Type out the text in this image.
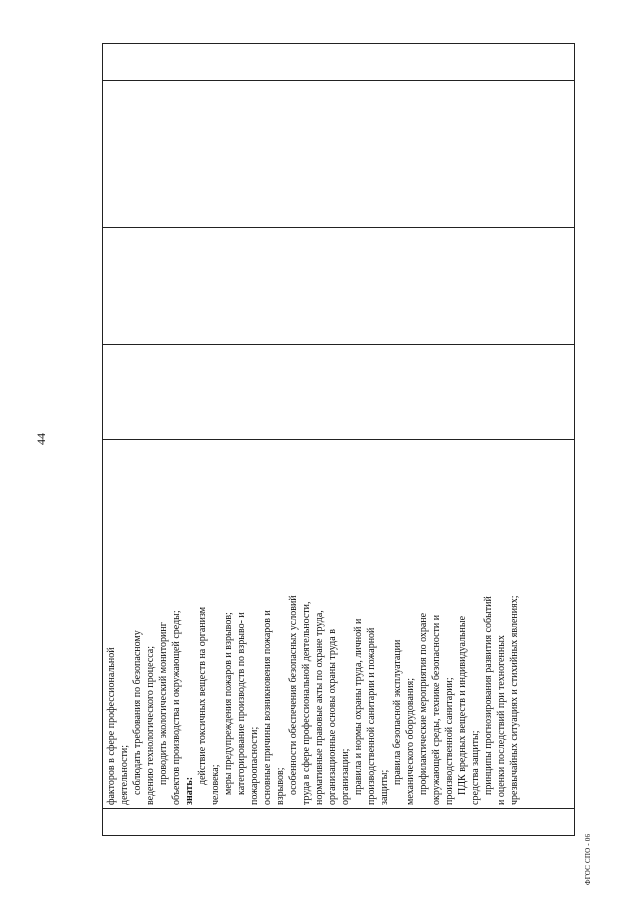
44

факторов в сфере профессиональной деятельности; соблюдать требования по безопасному ведению технологического процесса; проводить экологический мониторинг объектов производства и окружающей среды; знать:

действие токсичных веществ на организм человека; меры предупреждения пожаров и взрывов; категорирование производств по взрыво- и пожароопасности; основные причины возникновения пожаров и взрывов; особенности обеспечения безопасных условий труда в сфере профессиональной деятельности, нормативные правовые акты по охране труда, организационные основы охраны труда в организации; правила и нормы охраны труда, личной и производственной санитарии и пожарной защиты;

правила безопасной эксплуатации механического оборудования; профилактические мероприятия по охране окружающей среды, технике безопасности и производственной санитарии; ПДК вредных веществ и индивидуальные средства защиты; принципы прогнозирования развития событий и оценки последствий при техногенных чрезвычайных ситуациях и стихийных явлениях;

ФГОС СПО - 06
